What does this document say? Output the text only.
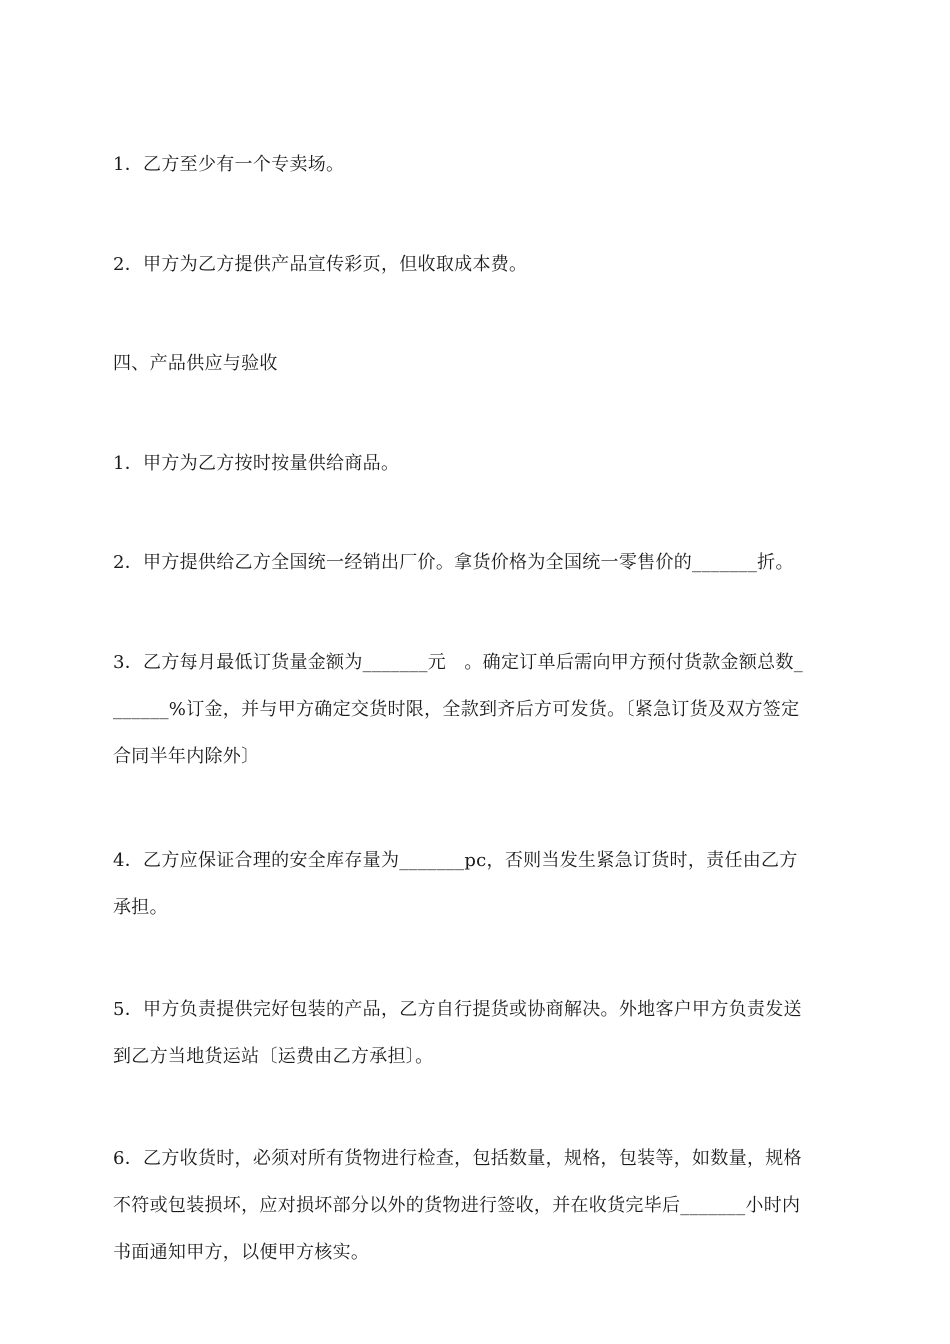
1．乙方至少有一个专卖场。

2．甲方为乙方提供产品宣传彩页，但收取成本费。

四、产品供应与验收

1．甲方为乙方按时按量供给商品。

2．甲方提供给乙方全国统一经销出厂价。拿货价格为全国统一零售价的_______折。

3．乙方每月最低订货量金额为_______元　。确定订单后需向甲方预付货款金额总数_
______%订金，并与甲方确定交货时限，全款到齐后方可发货。〔紧急订货及双方签定
合同半年内除外〕

4．乙方应保证合理的安全库存量为_______pc，否则当发生紧急订货时，责任由乙方
承担。

5．甲方负责提供完好包装的产品，乙方自行提货或协商解决。外地客户甲方负责发送
到乙方当地货运站〔运费由乙方承担〕。

6．乙方收货时，必须对所有货物进行检查，包括数量，规格，包装等，如数量，规格
不符或包装损坏，应对损坏部分以外的货物进行签收，并在收货完毕后_______小时内
书面通知甲方，以便甲方核实。
